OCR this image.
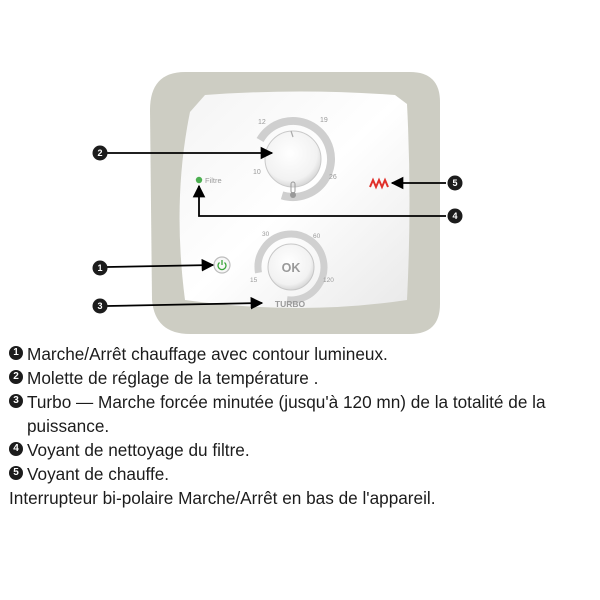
12	19
10
26
Filtre
OK
30	60
15	120
TURBO
1
2
3
4
5
1 Marche/Arrêt chauffage avec contour lumineux.
2 Molette de réglage de la température .
3 Turbo — Marche forcée minutée (jusqu'à 120 mn) de la totalité de la puissance.
4 Voyant de nettoyage du filtre.
5 Voyant de chauffe.
Interrupteur bi-polaire Marche/Arrêt en bas de l'appareil.
